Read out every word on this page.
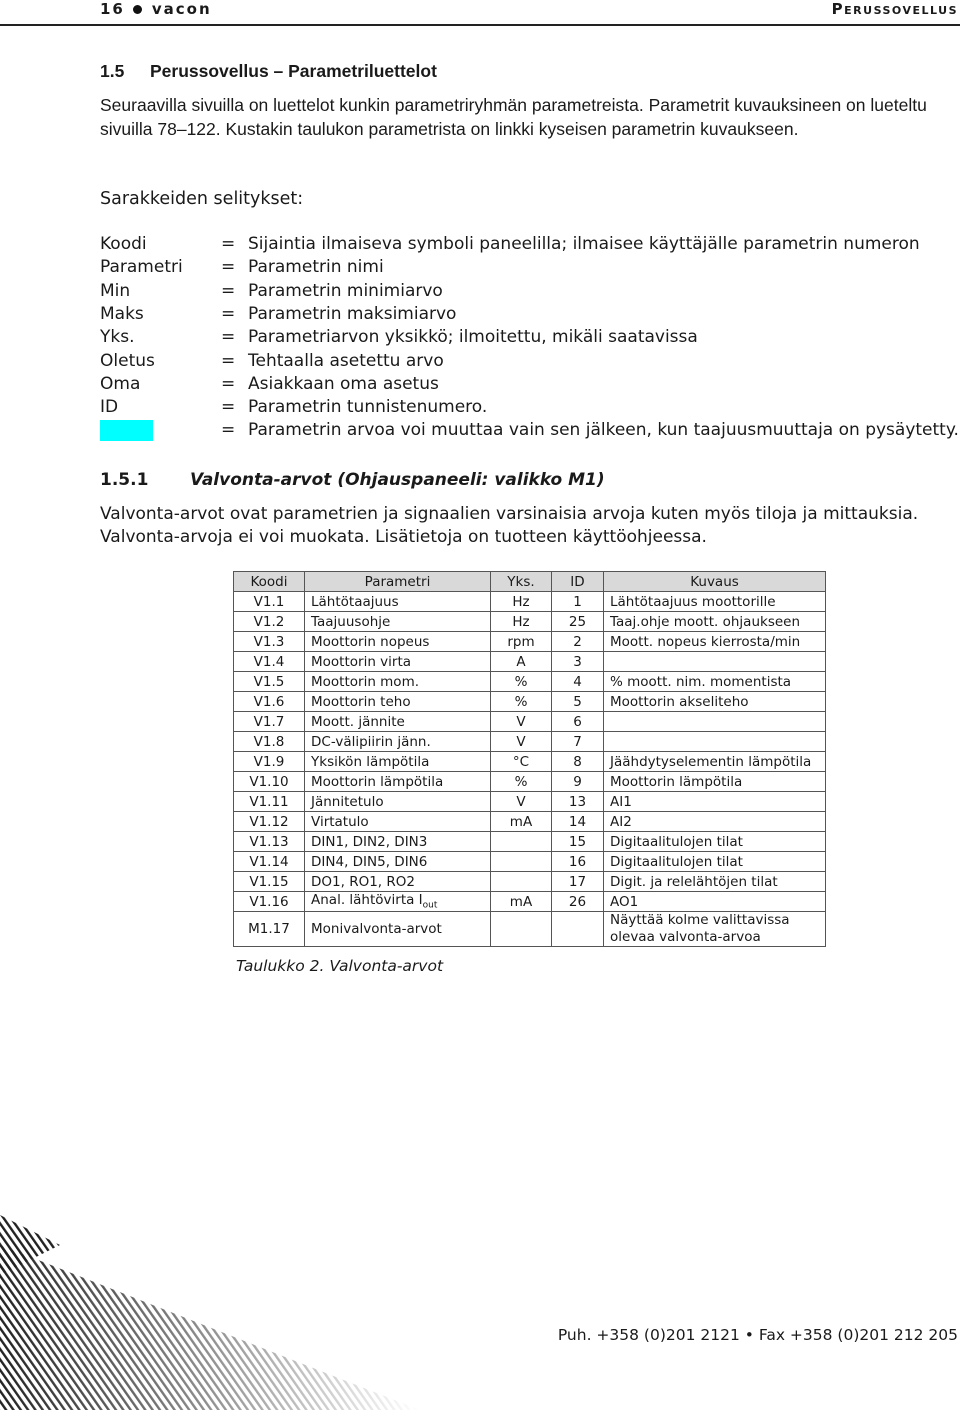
16 vacon	Perussovellus
1.5 Perussovellus – Parametriluettelot
Seuraavilla sivuilla on luettelot kunkin parametriryhmän parametreista. Parametrit kuvauksineen on lueteltu sivuilla 78–122. Kustakin taulukon parametrista on linkki kyseisen parametrin kuvaukseen.
Sarakkeiden selitykset:
Koodi	= Sijaintia ilmaiseva symboli paneelilla; ilmaisee käyttäjälle parametrin numeron
Parametri = Parametrin nimi
Min	= Parametrin minimiarvo
Maks	= Parametrin maksimiarvo
Yks.	= Parametriarvon yksikkö; ilmoitettu, mikäli saatavissa
Oletus	= Tehtaalla asetettu arvo
Oma	= Asiakkaan oma asetus
ID	= Parametrin tunnistenumero.
= Parametrin arvoa voi muuttaa vain sen jälkeen, kun taajuusmuuttaja on pysäytetty.
1.5.1 Valvonta-arvot (Ohjauspaneeli: valikko M1)
Valvonta-arvot ovat parametrien ja signaalien varsinaisia arvoja kuten myös tiloja ja mittauksia. Valvonta-arvoja ei voi muokata. Lisätietoja on tuotteen käyttöohjeessa.
Koodi	Parametri	Yks.	ID	Kuvaus
V1.1	Lähtötaajuus	Hz	1	Lähtötaajuus moottorille
V1.2	Taajuusohje	Hz	25	Taaj.ohje moott. ohjaukseen
V1.3	Moottorin nopeus	rpm	2	Moott. nopeus kierrosta/min
V1.4	Moottorin virta	A	3	
V1.5	Moottorin mom.	%	4	% moott. nim. momentista
V1.6	Moottorin teho	%	5	Moottorin akseliteho
V1.7	Moott. jännite	V	6	
V1.8	DC-välipiirin jänn.	V	7	
V1.9	Yksikön lämpötila	°C	8	Jäähdytyselementin lämpötila
V1.10	Moottorin lämpötila	%	9	Moottorin lämpötila
V1.11	Jännitetulo	V	13	AI1
V1.12	Virtatulo	mA	14	AI2
V1.13	DIN1, DIN2, DIN3		15	Digitaalitulojen tilat
V1.14	DIN4, DIN5, DIN6		16	Digitaalitulojen tilat
V1.15	DO1, RO1, RO2		17	Digit. ja relelähtöjen tilat
V1.16	Anal. lähtövirta $I_{out}$	mA	26	AO1
M1.17	Monivalvonta-arvot			Näyttää kolme valittavissa olevaa valvonta-arvoa
Taulukko 2. Valvonta-arvot
Puh. +358 (0)201 2121 • Fax +358 (0)201 212 205
